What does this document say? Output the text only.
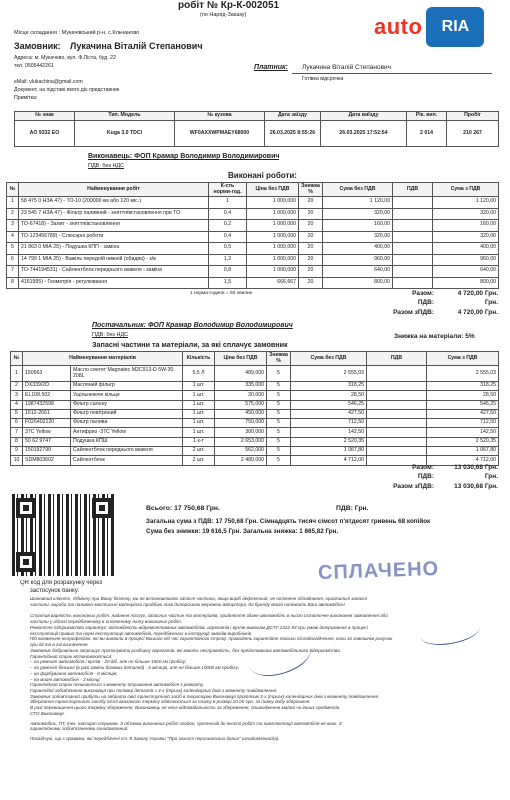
робіт № Кр-К-002051
(по Наряд-Заказу)
Місце складання : Мукачівський р-н, с.Кльчаново
Замовник: Лукачина Віталій Степанович
Адреса: м. Мукачево, вул. Ф.Ліста, буд. 22
тел. 0505442261
eMail: vlukachina@gmail.com
Документ, на підставі якого діє представник
Примітка:
Платник: Лукачина Віталій Степанович
Готівка відсрочка
auto	RIA
№ знак	Тип. Модель	№ кузова	Дата заїзду	Дата виїзду	Рік. вип.	Пробіг
АО 9332 ЕО	Kuga 3.0 TDCI	WF0AXXWPMAEY68000	26.03.2025 8:55:26	26.03.2025 17:52:54	2 014	210 267
Виконавець: ФОП Крамар Володимир Володимирович
ПДВ: без НДС
Виконані роботи:
№	Найменування робіт	К-сть норми-год.	Ціна без ПДВ	Знижка %	Сума без ПДВ	ПДВ	Сума з ПДВ
1	58 475 0 НЗА 47) - ТО-10 (200000 км або 120 міс.)	1	1 000,000	20	1 120,00		1 120,00
2	23 545 7 НЗА 47) - Фільтр паливний - зняття/встановлення при ТО	0,4	1 000,000	20	320,00		320,00
3	ТО-67418) - Залит - зняття/встановлення	0,2	1 000,000	20	160,00		160,00
4	ТО-123456789) - Слюсарні роботи	0,4	1 000,000	20	320,00		320,00
5	21 863 0 МІА 25) - Подушка КПП - заміна	0,5	1 000,000	20	400,00		400,00
6	14 799 1 МІА 25) - Важіль передній нижній (обидва) - з/в	1,2	1 000,000	20	960,00		960,00
7	ТО-744194531) - Сайлентблок переднього важеля - заміна	0,8	1 000,000	20	640,00		640,00
8	4161995) - Геометрія - регулювання	1,5	666,667	20	800,00		800,00
1 норма-година = 60 хвилин	Разом:	4 720,00 Грн.
ПДВ:	Грн.
Разом зПДВ:	4 720,00 Грн.
Постачальник: ФОП Крамар Володимир Володимирович
ПДВ: без НДС
Запасні частини та матеріали, за які сплачує замовник
Знижка на матеріали: 5%
№	Найменування матеріалів		Кількість	Ціна без ПДВ	Знижка %	Сума без ПДВ	ПДВ	Сума з ПДВ
1	150563	Масло синтет Magnatec M2C913-D 5W-30. 208L	5,5 Л	489,000	5	2 555,03		2 555,03
2	DX339/2D	Масляний фільтр	1 шт.	335,000	5	318,25		318,25
3	EL108.502	Ущільнююче кільце	1 шт.	30,000	5	28,50		28,50
4	1987432598	Фільтр салону	1 шт.	575,000	5	546,25		546,25
5	1512-2661	Фільтр повітряний	1 шт.	450,000	5	427,50		427,50
6	F026402120	Фільтр палива	1 шт.	750,000	5	712,50		712,50
7	37C Yellow	Антифриз -37С Yellow	1 шт.	300,000	5	142,50		142,50
8	50 62 9747	Подушка КПШ	1 к-т	2 653,000	5	2 520,35		2 520,35
9	150192790	Сайлентблок переднього важеля	2 шт.	562,000	5	1 067,80		1 067,80
10	SDM803602	Сайлентблок	2 шт.	2 480,000	5	4 712,00		4 712,00
Разом:	13 030,68 Грн.
ПДВ:	Грн.
Разом зПДВ:	13 030,68 Грн.
QR код для розрахунку через
застосунок банку:
Всього: 17 750,68 Грн.	ПДВ: Грн.
Загальна сума з ПДВ: 17 750,68 Грн. Сімнадцять тисяч сімсот п'ятдесят гривень 68 копійок
Сума без знижки: 19 616,5 Грн. Загальна знижка: 1 865,82 Грн.
СПЛАЧЕНО

Шановний клієнте, Обмінну при Вашу безпеку, ми не встановлюємо запасні частини, якщо виріб дефектний, не оплачене обладнання, оригінальні запасні

частини, вироби та паливно-мастильні матеріали придбані поза дилерською мережею імпортера, до бренду якого належить Ваш автомобіль!

Сплатив вартість виконаних робіт, надання послуг, запасних частин та матеріалів, прийняття здане автомобіль в нього остаточне виконання замовлення або

частини у обсязі передбаченому в оплаченому Акту виконаних робіт.

Ремонтне підприємство гарантує: відповідність відремонтованих автомобілів, агрегатів і вузлів вимогам ДСТУ 2322-93 при умові дотримання в процесі

експлуатації правил та норм експлуатації автомобілів, передбачених в інструкції заводів-виробників.

Під виявлення непрофесійні, які ви виявили в процесі Вашого під час гарантійного строку, проводять гарантійне тольки післядосвідчення, коли за зовнішнім рахунок

при дії та в гаї визначення.

Замовник добровільно запрошує пропонувати розборку агрегатів, які мають несправність, без представника автомобільного підприємства.

Гарантійний строк встановлюється:

– на ремонт автомобіля і вузлів - 20 діб, але не більше 1500 км пробігу;

– на ремонт бензині (в разі заміни базових деталей) - 6 місяців, але не більше 10000 км пробігу;

– на фарбування автомобіля - 6 місяців;

– на мийні автомобіля - 3 місяці;

Гарантійний строк починається з моменту отримання автомобіля з ремонту.

Гарантійні зобов'язання виконавця при поломці деталей з 3-х (трьох) календарних днів з моменту повідомлення.

Замовник зобов'язаний прибути на забрати свій транспортний засіб в територію Виконавця протягом 3-х (трьох) календарних днів з моменту повідомлення.

Зберігання транспортного засобу після вказаного терміну здійснюється за плату в розмірі 20,00 грн. за повну добу зберігання.

В разі перевищення цього терміну збереження, Виконавець не несе відповідальність за збереження, пошкодження майна чи інших предметів.

СТО Виконавця.

Автомобіль, ПТ, тех. паспорт отримав. З об'ємом виконаних робіт згоден, претензій до якості робіт та комплектації автомобіля не маю. З

гарантійними зобов'язаннями ознайомлений.

Посвідчую, що з правами, які передбачені ст. 8 Закону України "Про захист персональних даних" ознайомлений(а).
